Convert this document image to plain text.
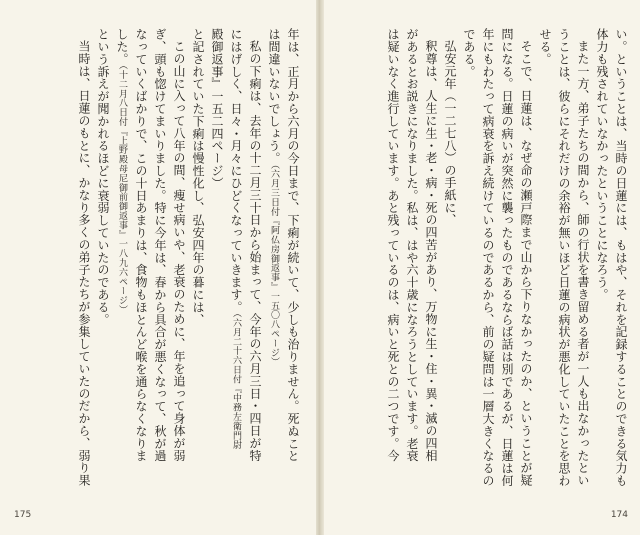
年は、正月から六月の今日まで、下痢が続いて、少しも治りません。死ぬこと
は間違いないでしょう。（六月三日付『阿仏房御返事』一五〇八ページ）
私の下痢は、去年の十二月三十日から始まって、今年の六月三日・四日が特
にはげしく、日々・月々にひどくなっていきます。（六月二十六日付『中務左衛門尉
殿御返事』一五二四ページ）
と記されていた下痢は慢性化し、弘安四年の暮には、
この山に入って八年の間、痩せ病いや、老衰のために、年を追って身体が弱
ぎ、頭も惚けてまいりました。特に今年は、春から具合が悪くなって、秋が過
なっていくばかりで、この十日あまりは、食物もほとんど喉を通らなくなりま
した。（十二月八日付『上野殿母尼御前御返事』一八九六ページ）
という訴えが聞かれるほどに衰弱していたのである。
当時は、日蓮のもとに、かなり多くの弟子たちが参集していたのだから、弱り果
175
い。ということは、当時の日蓮には、もはや、それを記録することのできる気力も
体力も残されていなかったということになろう。
また一方、弟子たちの間から、師の行状を書き留める者が一人も出なかったとい
うことは、彼らにそれだけの余裕が無いほど日蓮の病状が悪化していたことを思わ
せる。
そこで、日蓮は、なぜ命の瀬戸際まで山から下りなかったのか、ということが疑
問になる。日蓮の病いが突然に襲ったものであるならば話は別であるが、日蓮は何
年にもわたって病衰を訴え続けているのであるから、前の疑問は一層大きくなるの
である。
弘安元年（一二七八）の手紙に、
釈尊は、人生に生・老・病・死の四苦があり、万物に生・住・異・滅の四相
があるとお説きになりました。私は、はや六十歳になろうとしています。老衰
は疑いなく進行しています。あと残っているのは、病いと死との二つです。今
174
